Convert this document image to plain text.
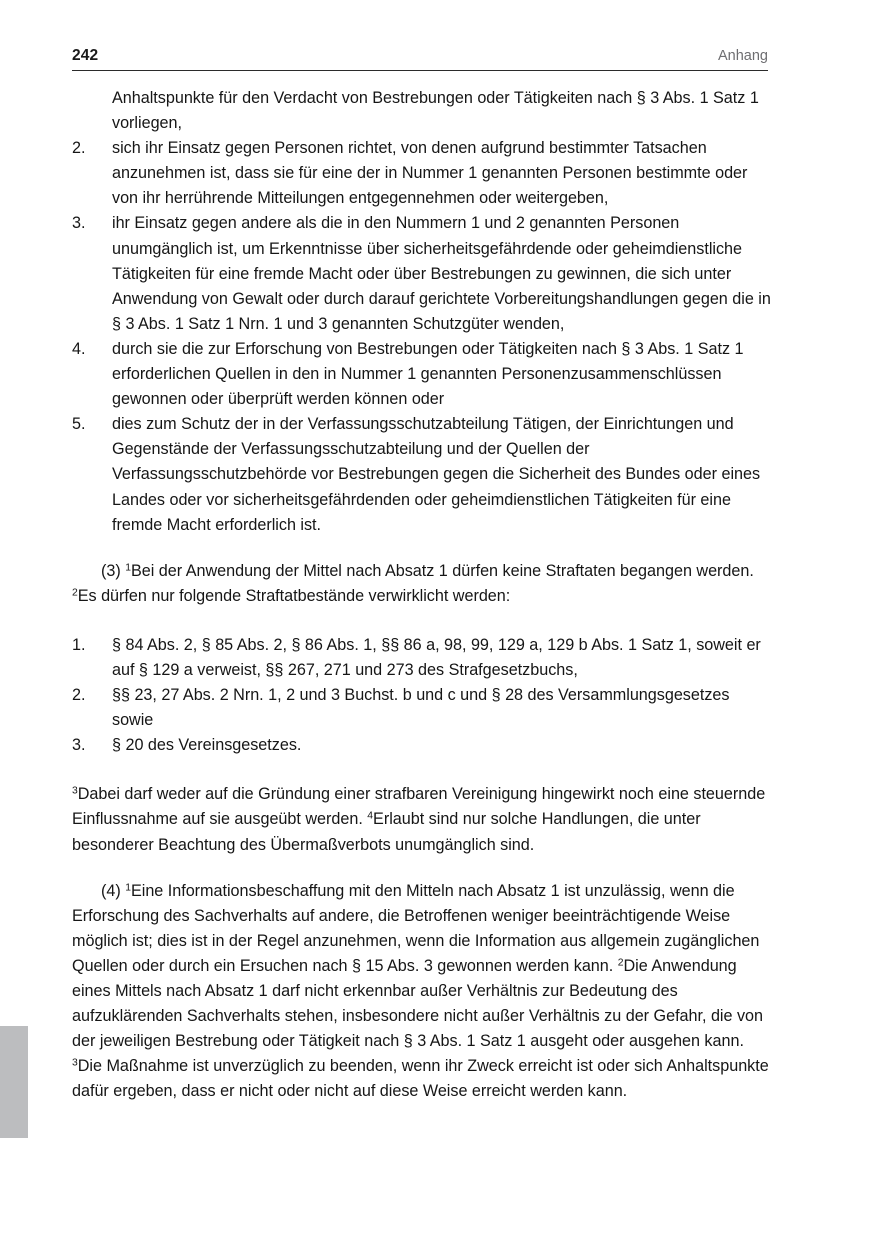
242	Anhang
Anhaltspunkte für den Verdacht von Bestrebungen oder Tätigkeiten nach § 3 Abs. 1 Satz 1 vorliegen,
2.	sich ihr Einsatz gegen Personen richtet, von denen aufgrund bestimmter Tatsachen anzunehmen ist, dass sie für eine der in Nummer 1 genannten Personen bestimmte oder von ihr herrührende Mitteilungen entgegennehmen oder weitergeben,
3.	ihr Einsatz gegen andere als die in den Nummern 1 und 2 genannten Personen unumgänglich ist, um Erkenntnisse über sicherheitsgefährdende oder geheimdienstliche Tätigkeiten für eine fremde Macht oder über Bestrebungen zu gewinnen, die sich unter Anwendung von Gewalt oder durch darauf gerichtete Vorbereitungshandlungen gegen die in § 3 Abs. 1 Satz 1 Nrn. 1 und 3 genannten Schutzgüter wenden,
4.	durch sie die zur Erforschung von Bestrebungen oder Tätigkeiten nach § 3 Abs. 1 Satz 1 erforderlichen Quellen in den in Nummer 1 genannten Personenzusammenschlüssen gewonnen oder überprüft werden können oder
5.	dies zum Schutz der in der Verfassungsschutzabteilung Tätigen, der Einrichtungen und Gegenstände der Verfassungsschutzabteilung und der Quellen der Verfassungsschutzbehörde vor Bestrebungen gegen die Sicherheit des Bundes oder eines Landes oder vor sicherheitsgefährdenden oder geheimdienstlichen Tätigkeiten für eine fremde Macht erforderlich ist.

(3) $^1$Bei der Anwendung der Mittel nach Absatz 1 dürfen keine Straftaten begangen werden. $^2$Es dürfen nur folgende Straftatbestände verwirklicht werden:

1.	§ 84 Abs. 2, § 85 Abs. 2, § 86 Abs. 1, §§ 86 a, 98, 99, 129 a, 129 b Abs. 1 Satz 1, soweit er auf § 129 a verweist, §§ 267, 271 und 273 des Strafgesetzbuchs,
2.	§§ 23, 27 Abs. 2 Nrn. 1, 2 und 3 Buchst. b und c und § 28 des Versammlungsgesetzes sowie
3.	§ 20 des Vereinsgesetzes.

$^3$Dabei darf weder auf die Gründung einer strafbaren Vereinigung hingewirkt noch eine steuernde Einflussnahme auf sie ausgeübt werden. $^4$Erlaubt sind nur solche Handlungen, die unter besonderer Beachtung des Übermaßverbots unumgänglich sind.

(4) $^1$Eine Informationsbeschaffung mit den Mitteln nach Absatz 1 ist unzulässig, wenn die Erforschung des Sachverhalts auf andere, die Betroffenen weniger beeinträchtigende Weise möglich ist; dies ist in der Regel anzunehmen, wenn die Information aus allgemein zugänglichen Quellen oder durch ein Ersuchen nach § 15 Abs. 3 gewonnen werden kann. $^2$Die Anwendung eines Mittels nach Absatz 1 darf nicht erkennbar außer Verhältnis zur Bedeutung des aufzuklärenden Sachverhalts stehen, insbesondere nicht außer Verhältnis zu der Gefahr, die von der jeweiligen Bestrebung oder Tätigkeit nach § 3 Abs. 1 Satz 1 ausgeht oder ausgehen kann. $^3$Die Maßnahme ist unverzüglich zu beenden, wenn ihr Zweck erreicht ist oder sich Anhaltspunkte dafür ergeben, dass er nicht oder nicht auf diese Weise erreicht werden kann.
